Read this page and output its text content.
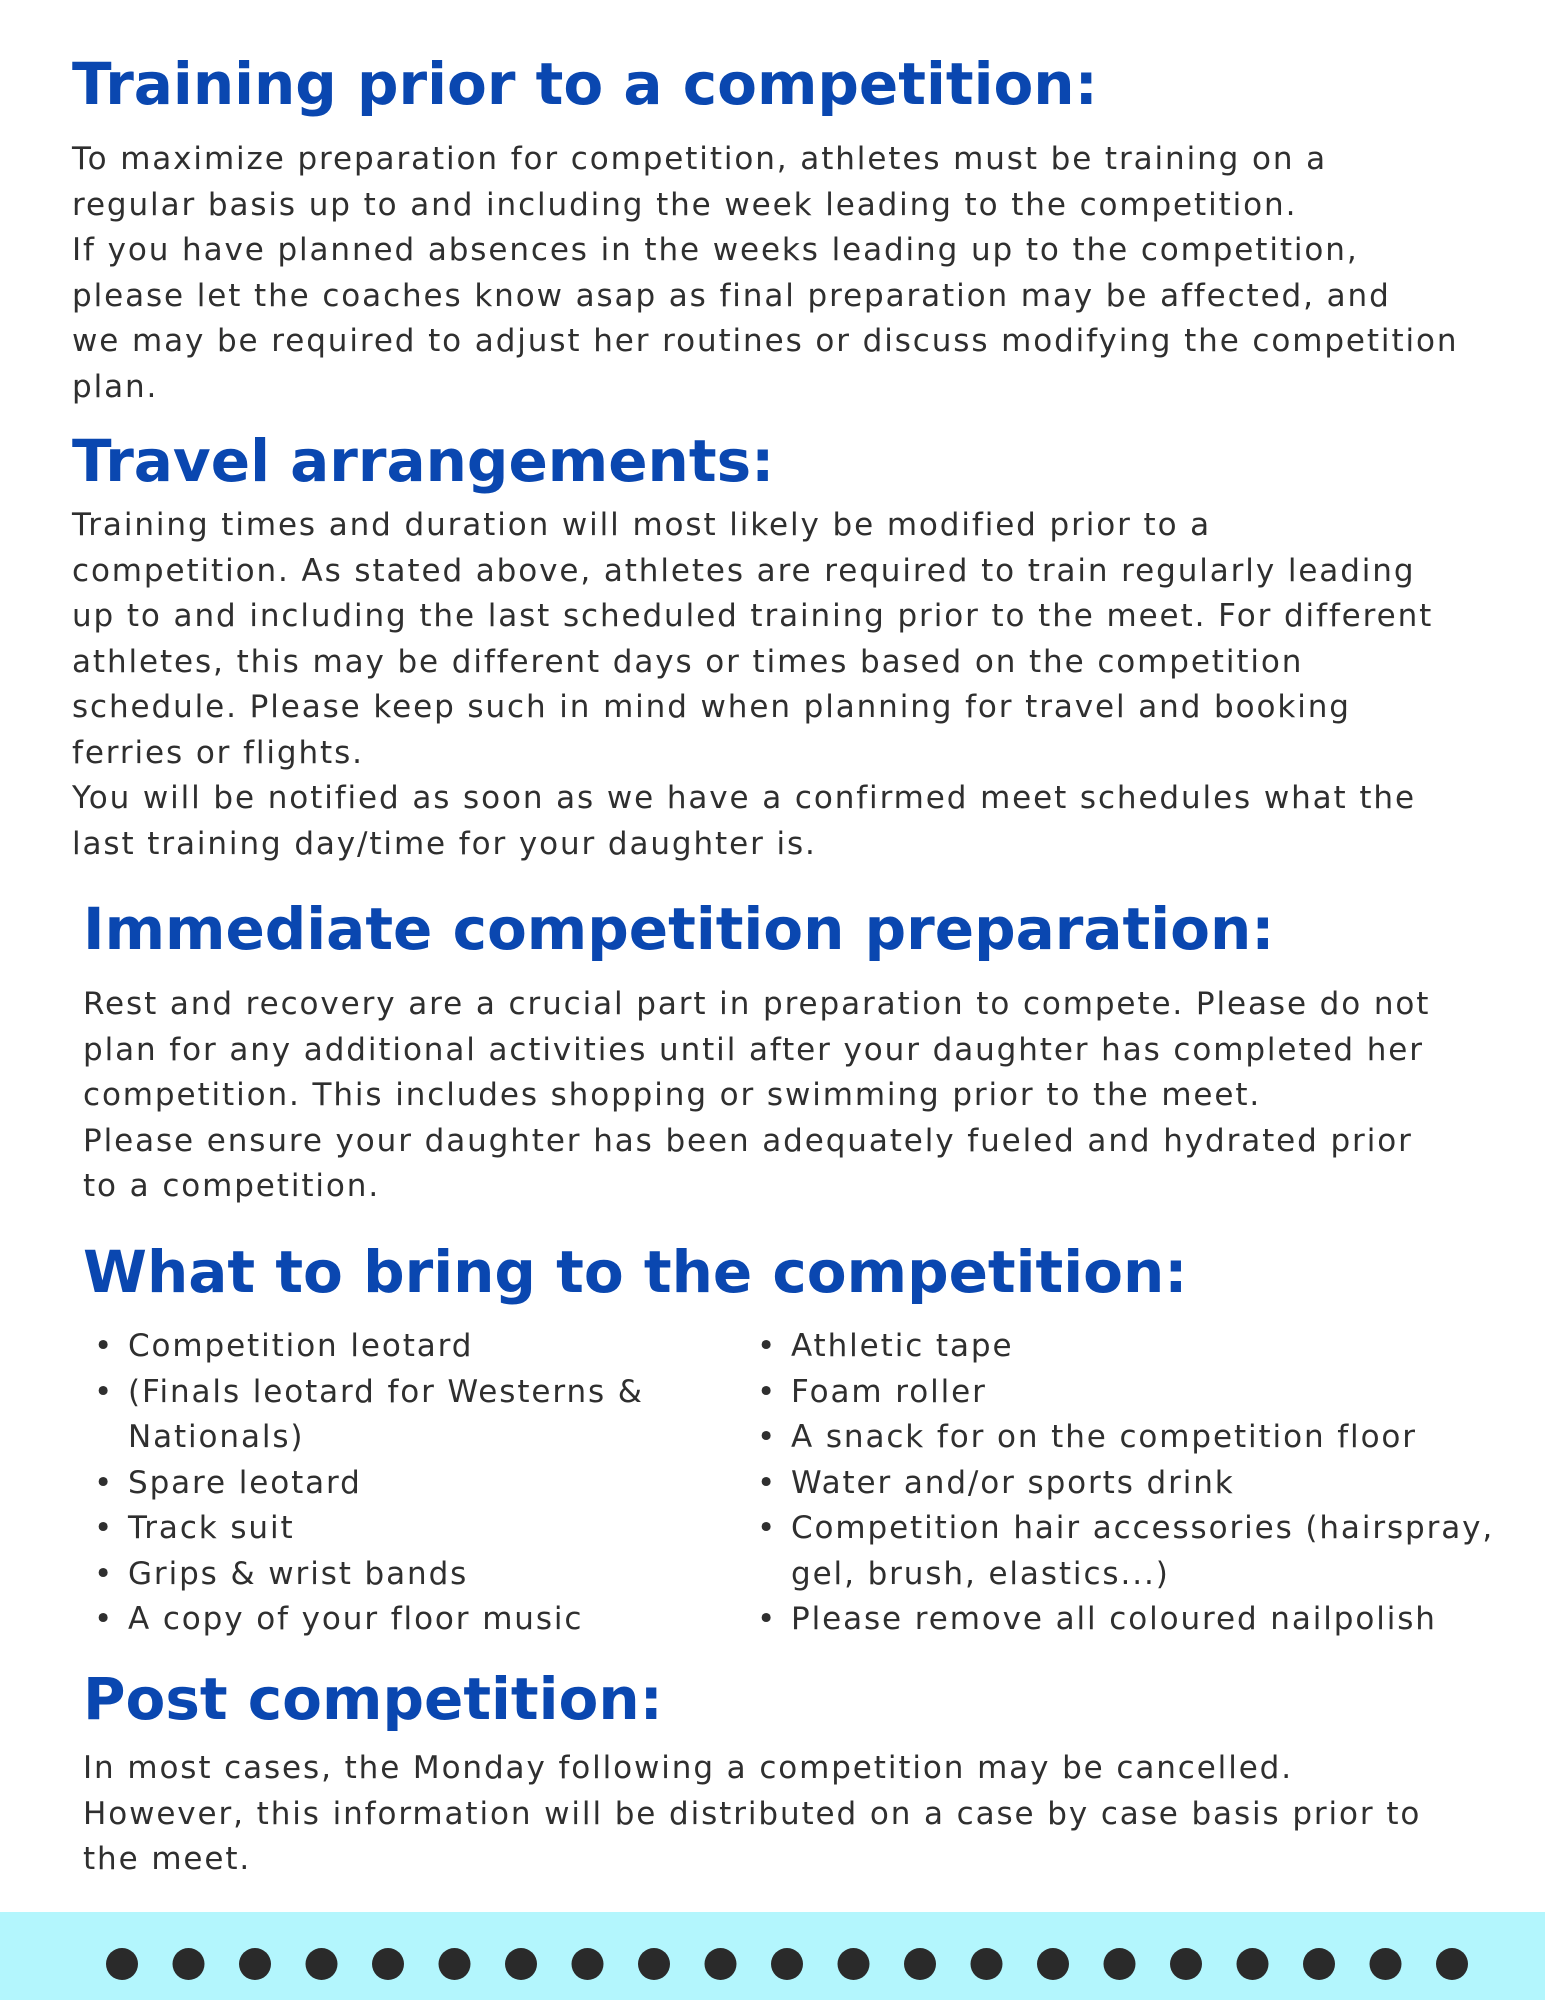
Training prior to a competition:
To maximize preparation for competition, athletes must be training on a
regular basis up to and including the week leading to the competition.
If you have planned absences in the weeks leading up to the competition,
please let the coaches know asap as final preparation may be affected, and
we may be required to adjust her routines or discuss modifying the competition
plan.
Travel arrangements:
Training times and duration will most likely be modified prior to a
competition. As stated above, athletes are required to train regularly leading
up to and including the last scheduled training prior to the meet. For different
athletes, this may be different days or times based on the competition
schedule. Please keep such in mind when planning for travel and booking
ferries or flights.
You will be notified as soon as we have a confirmed meet schedules what the
last training day/time for your daughter is.
Immediate competition preparation:
Rest and recovery are a crucial part in preparation to compete. Please do not
plan for any additional activities until after your daughter has completed her
competition. This includes shopping or swimming prior to the meet.
Please ensure your daughter has been adequately fueled and hydrated prior
to a competition.
What to bring to the competition:
• Competition leotard
• (Finals leotard for Westerns &
Nationals)
• Spare leotard
• Track suit
• Grips & wrist bands
• A copy of your floor music
• Athletic tape
• Foam roller
• A snack for on the competition floor
• Water and/or sports drink
• Competition hair accessories (hairspray,
gel, brush, elastics...)
• Please remove all coloured nailpolish
Post competition:
In most cases, the Monday following a competition may be cancelled.
However, this information will be distributed on a case by case basis prior to
the meet.
